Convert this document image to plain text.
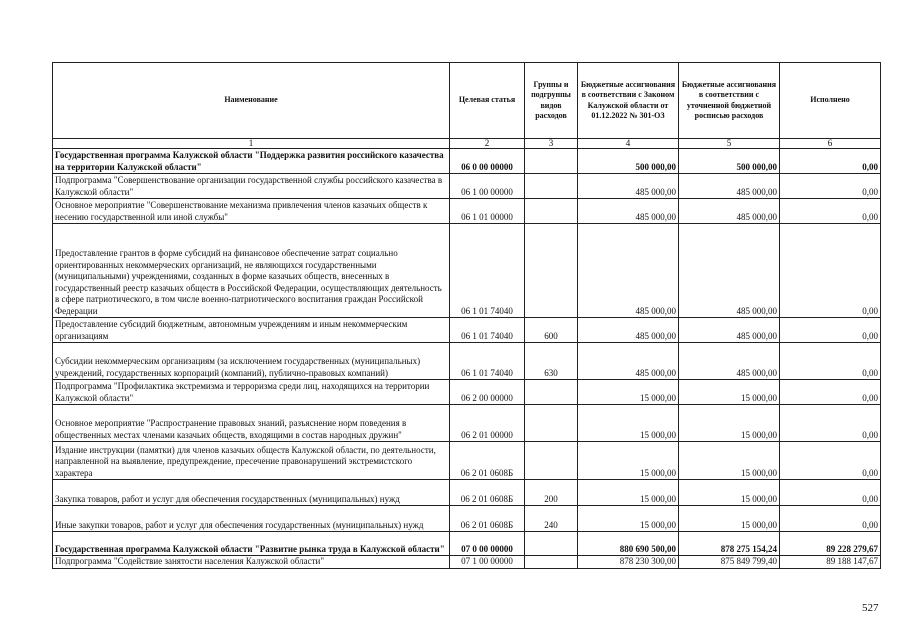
Наименование	Целевая статья	Группы и подгруппы видов расходов	Бюджетные ассигнования в соответствии с Законом Калужской области от 01.12.2022 № 301-ОЗ	Бюджетные ассигнования в соответствии с уточненной бюджетной росписью расходов	Исполнено
1	2	3	4	5	6
Государственная программа Калужской области "Поддержка развития российского казачества на территории Калужской области"	06 0 00 00000		500 000,00	500 000,00	0,00
Подпрограмма "Совершенствование организации государственной службы российского казачества в Калужской области"	06 1 00 00000		485 000,00	485 000,00	0,00
Основное мероприятие "Совершенствование механизма привлечения членов казачьих обществ к несению государственной или иной службы"	06 1 01 00000		485 000,00	485 000,00	0,00
Предоставление грантов в форме субсидий на финансовое обеспечение затрат социально ориентированных некоммерческих организаций, не являющихся государственными (муниципальными) учреждениями, созданных в форме казачьих обществ, внесенных в государственный реестр казачьих обществ в Российской Федерации, осуществляющих деятельность в сфере патриотического, в том числе военно-патриотического воспитания граждан Российской Федерации	06 1 01 74040		485 000,00	485 000,00	0,00
Предоставление субсидий бюджетным, автономным учреждениям и иным некоммерческим организациям	06 1 01 74040	600	485 000,00	485 000,00	0,00
Субсидии некоммерческим организациям (за исключением государственных (муниципальных) учреждений, государственных корпораций (компаний), публично-правовых компаний)	06 1 01 74040	630	485 000,00	485 000,00	0,00
Подпрограмма "Профилактика экстремизма и терроризма среди лиц, находящихся на территории Калужской области"	06 2 00 00000		15 000,00	15 000,00	0,00
Основное мероприятие "Распространение правовых знаний, разъяснение норм поведения в общественных местах членами казачьих обществ, входящими в состав народных дружин"	06 2 01 00000		15 000,00	15 000,00	0,00
Издание инструкции (памятки) для членов казачьих обществ Калужской области, по деятельности, направленной на выявление, предупреждение, пресечение правонарушений экстремистского характера	06 2 01 0608Б		15 000,00	15 000,00	0,00
Закупка товаров, работ и услуг для обеспечения государственных (муниципальных) нужд	06 2 01 0608Б	200	15 000,00	15 000,00	0,00
Иные закупки товаров, работ и услуг для обеспечения государственных (муниципальных) нужд	06 2 01 0608Б	240	15 000,00	15 000,00	0,00
Государственная программа Калужской области "Развитие рынка труда в Калужской области"	07 0 00 00000		880 690 500,00	878 275 154,24	89 228 279,67
Подпрограмма "Содействие занятости населения Калужской области"	07 1 00 00000		878 230 300,00	875 849 799,40	89 188 147,67
527
